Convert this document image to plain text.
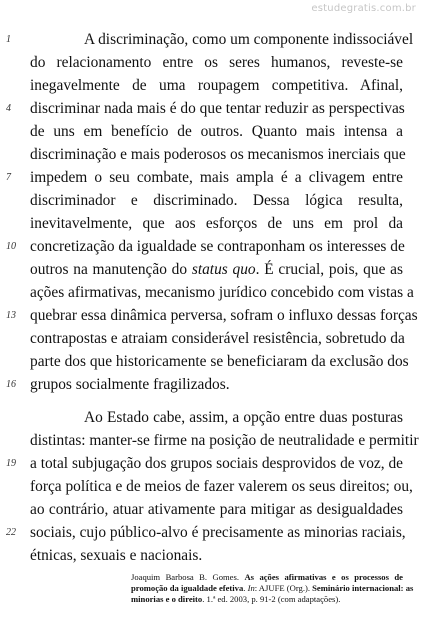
estudegratis.com.br
1	A discriminação, como um componente indissociável
do relacionamento entre os seres humanos, reveste-se
inegavelmente de uma roupagem competitiva. Afinal,
4	discriminar nada mais é do que tentar reduzir as perspectivas
de uns em benefício de outros. Quanto mais intensa a
discriminação e mais poderosos os mecanismos inerciais que
7	impedem o seu combate, mais ampla é a clivagem entre
discriminador e discriminado. Dessa lógica resulta,
inevitavelmente, que aos esforços de uns em prol da
10 concretização da igualdade se contraponham os interesses de
outros na manutenção do status quo. É crucial, pois, que as
ações afirmativas, mecanismo jurídico concebido com vistas a
13 quebrar essa dinâmica perversa, sofram o influxo dessas forças
contrapostas e atraiam considerável resistência, sobretudo da
parte dos que historicamente se beneficiaram da exclusão dos
16 grupos socialmente fragilizados.
Ao Estado cabe, assim, a opção entre duas posturas
distintas: manter-se firme na posição de neutralidade e permitir
19 a total subjugação dos grupos sociais desprovidos de voz, de
força política e de meios de fazer valerem os seus direitos; ou,
ao contrário, atuar ativamente para mitigar as desigualdades
22 sociais, cujo público-alvo é precisamente as minorias raciais,
étnicas, sexuais e nacionais.
Joaquim Barbosa B. Gomes. As ações afirmativas e os processos de
promoção da igualdade efetiva. In: AJUFE (Org.). Seminário internacional: as
minorias e o direito. 1.ª ed. 2003, p. 91-2 (com adaptações).
